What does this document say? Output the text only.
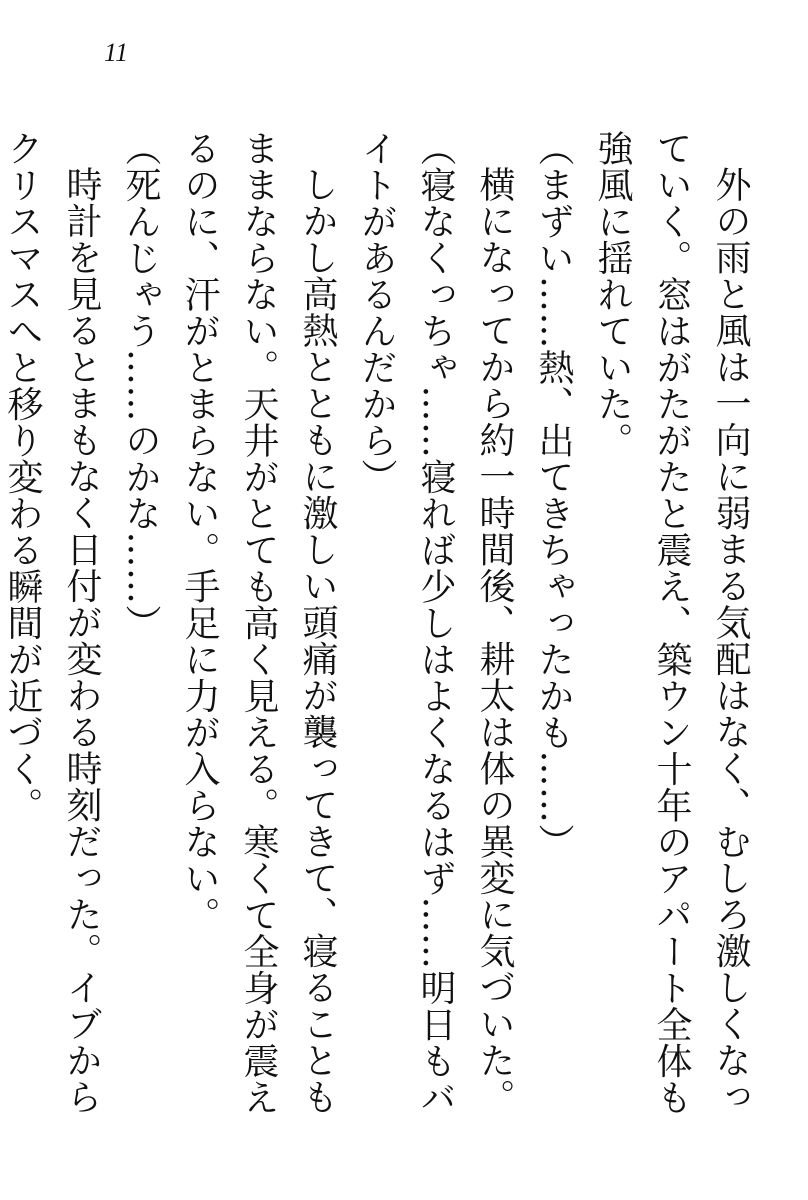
11

外の雨と風は一向に弱まる気配はなく、むしろ激しくなっていく。窓はがたがたと震え、築ウン十年のアパート全体も強風に揺れていた。

（まずい……熱、出てきちゃったかも……）

横になってから約一時間後、耕太は体の異変に気づいた。

（寝なくっちゃ……寝れば少しはよくなるはず……明日もバイトがあるんだから）

しかし高熱とともに激しい頭痛が襲ってきて、寝ることもままならない。天井がとても高く見える。寒くて全身が震えるのに、汗がとまらない。手足に力が入らない。

（死んじゃう……のかな……）

時計を見るとまもなく日付が変わる時刻だった。イブからクリスマスへと移り変わる瞬間が近づく。
